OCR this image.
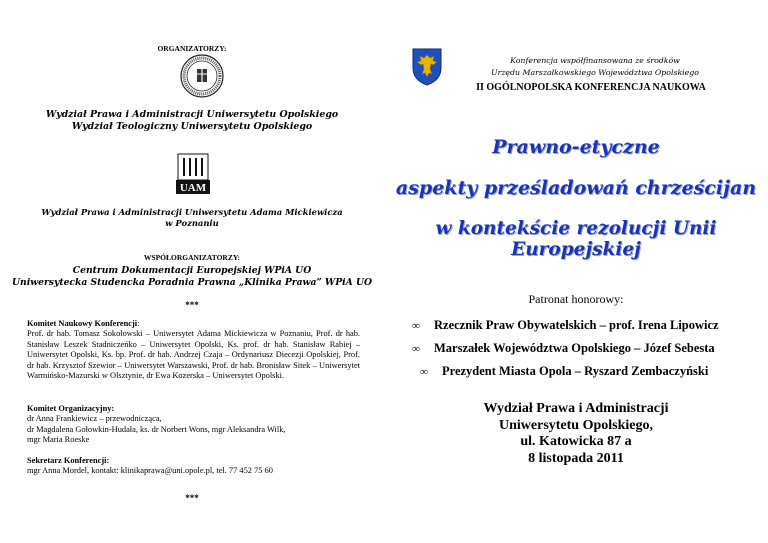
ORGANIZATORZY:
Wydział Prawa i Administracji Uniwersytetu Opolskiego
Wydział Teologiczny Uniwersytetu Opolskiego
UAM
Wydział Prawa i Administracji Uniwersytetu Adama Mickiewicza
w Poznaniu
WSPÓŁORGANIZATORZY:
Centrum Dokumentacji Europejskiej WPiA UO
Uniwersytecka Studencka Poradnia Prawna „Klinika Prawa” WPiA UO
***
Komitet Naukowy Konferencji:
Prof. dr hab. Tomasz Sokołowski – Uniwersytet Adama Mickiewicza w Poznaniu, Prof. dr hab. Stanisław Leszek Stadniczeńko – Uniwersytet Opolski, Ks. prof. dr hab. Stanisław Rabiej – Uniwersytet Opolski, Ks. bp. Prof. dr hab. Andrzej Czaja – Ordynariusz Diecezji Opolskiej, Prof. dr hab. Krzysztof Szewior – Uniwersytet Warszawski, Prof. dr hab. Bronisław Sitek – Uniwersytet Warmińsko-Mazurski w Olsztynie, dr Ewa Kozerska – Uniwersytet Opolski.
Komitet Organizacyjny:
dr Anna Frankiewicz – przewodnicząca,
dr Magdalena Gołowkin-Hudała, ks. dr Norbert Wons, mgr Aleksandra Wilk,
mgr Maria Roeske
Sekretarz Konferencji:
mgr Anna Mordel, kontakt: klinikaprawa@uni.opole.pl, tel. 77 452 75 60
***
Konferencja współfinansowana ze środków
Urzędu Marszałkowskiego Województwa Opolskiego
II OGÓLNOPOLSKA KONFERENCJA NAUKOWA
Prawno-etyczne
aspekty prześladowań chrześcijan
w kontekście rezolucji Unii Europejskiej
Patronat honorowy:
∞	Rzecznik Praw Obywatelskich – prof. Irena Lipowicz
∞	Marszałek Województwa Opolskiego – Józef Sebesta
∞	Prezydent Miasta Opola – Ryszard Zembaczyński
Wydział Prawa i Administracji
Uniwersytetu Opolskiego,
ul. Katowicka 87 a
8 listopada 2011
